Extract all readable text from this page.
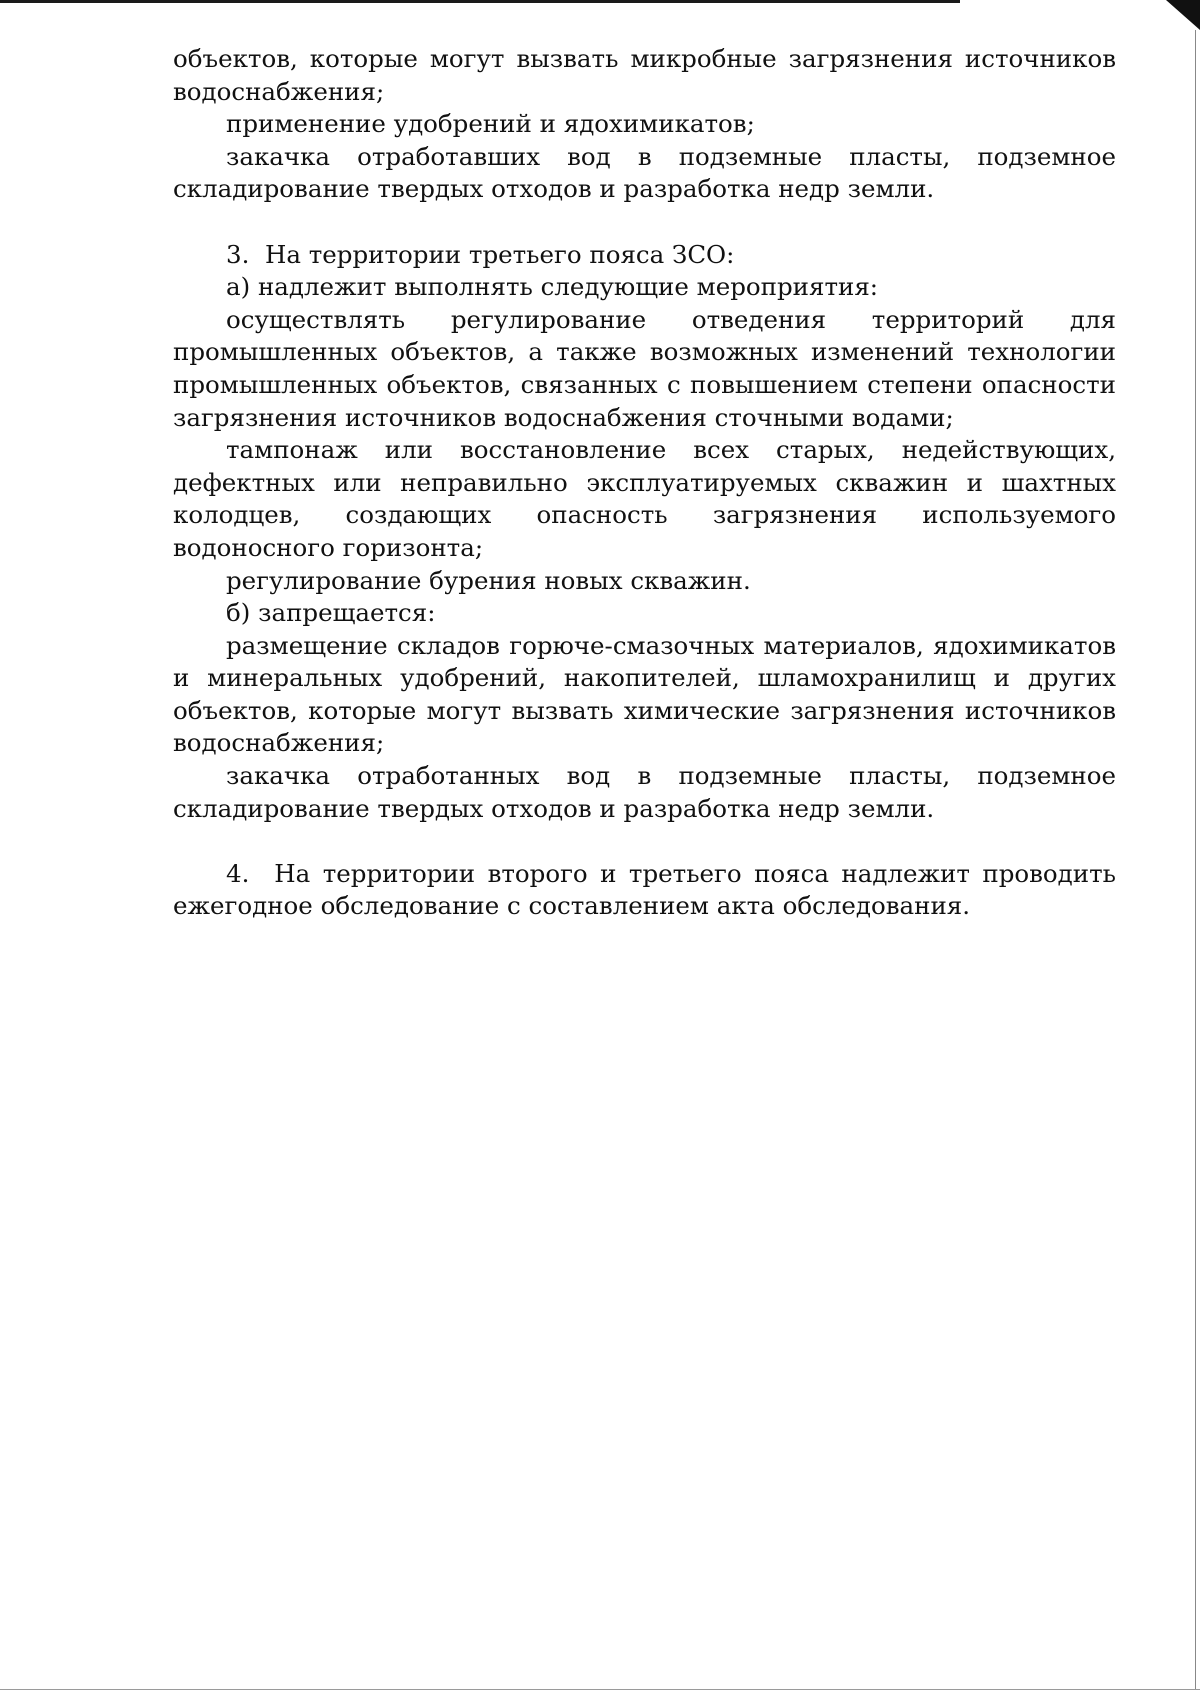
объектов, которые могут вызвать микробные загрязнения источников водоснабжения;

применение удобрений и ядохимикатов;

закачка отработавших вод в подземные пласты, подземное складирование твердых отходов и разработка недр земли.

3.  На территории третьего пояса ЗСО:

а) надлежит выполнять следующие мероприятия:

осуществлять регулирование отведения территорий для промышленных объектов, а также возможных изменений технологии промышленных объектов, связанных с повышением степени опасности загрязнения источников водоснабжения сточными водами;

тампонаж или восстановление всех старых, недействующих, дефектных или неправильно эксплуатируемых скважин и шахтных колодцев, создающих опасность загрязнения используемого водоносного горизонта;

регулирование бурения новых скважин.

б) запрещается:

размещение складов горюче-смазочных материалов, ядохимикатов и минеральных удобрений, накопителей, шламохранилищ и других объектов, которые могут вызвать химические загрязнения источников водоснабжения;

закачка отработанных вод в подземные пласты, подземное складирование твердых отходов и разработка недр земли.

4.  На территории второго и третьего пояса надлежит проводить ежегодное обследование с составлением акта обследования.
